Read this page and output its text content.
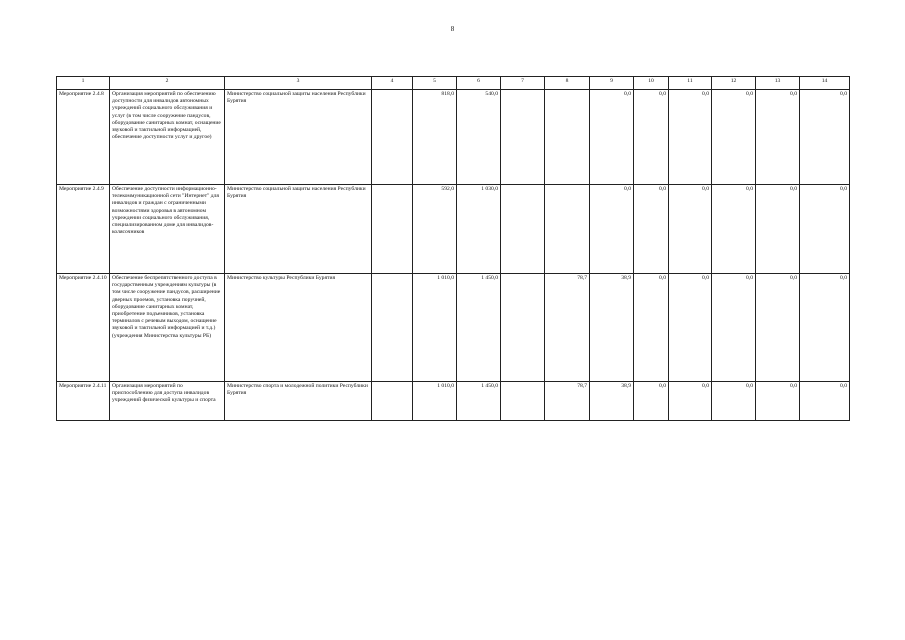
8
1	2	3	4	5	6	7	8	9	10	11	12	13	14
Мероприятие 2.4.8	Организация мероприятий по обеспечению доступности для инвалидов автономных учреждений социального обслуживания и услуг (в том числе сооружение пандусов, оборудование санитарных комнат, оснащение звуковой и тактильной информацией, обеспечение доступности услуг и другое)	Министерство социальной защиты населения Республики Бурятия		818,0	540,0			0,0	0,0	0,0	0,0	0,0	0,0
Мероприятие 2.4.9	Обеспечение доступности информационно-телекоммуникационной сети "Интернет" для инвалидов и граждан с ограниченными возможностями здоровья в автономном учреждении социального обслуживания, специализированном доме для инвалидов-колясочников	Министерство социальной защиты населения Республики Бурятия		592,0	1 030,0			0,0	0,0	0,0	0,0	0,0	0,0
Мероприятие 2.4.10	Обеспечение беспрепятственного доступа в государственным учреждениям культуры (в том числе сооружение пандусов, расширение дверных проемов, установка поручней, оборудование санитарных комнат, приобретение подъемников, установка терминалов с речевым выходом, оснащение звуковой и тактильной информацией и т.д.) (учреждения Министерства культуры РБ)	Министерство культуры Республики Бурятия		1 010,0	1 450,0		78,7	38,9	0,0	0,0	0,0	0,0	0,0
Мероприятие 2.4.11	Организация мероприятий по приспособлению для доступа инвалидов учреждений физической культуры и спорта	Министерство спорта и молодежной политики Республики Бурятия		1 010,0	1 450,0		78,7	38,9	0,0	0,0	0,0	0,0	0,0
